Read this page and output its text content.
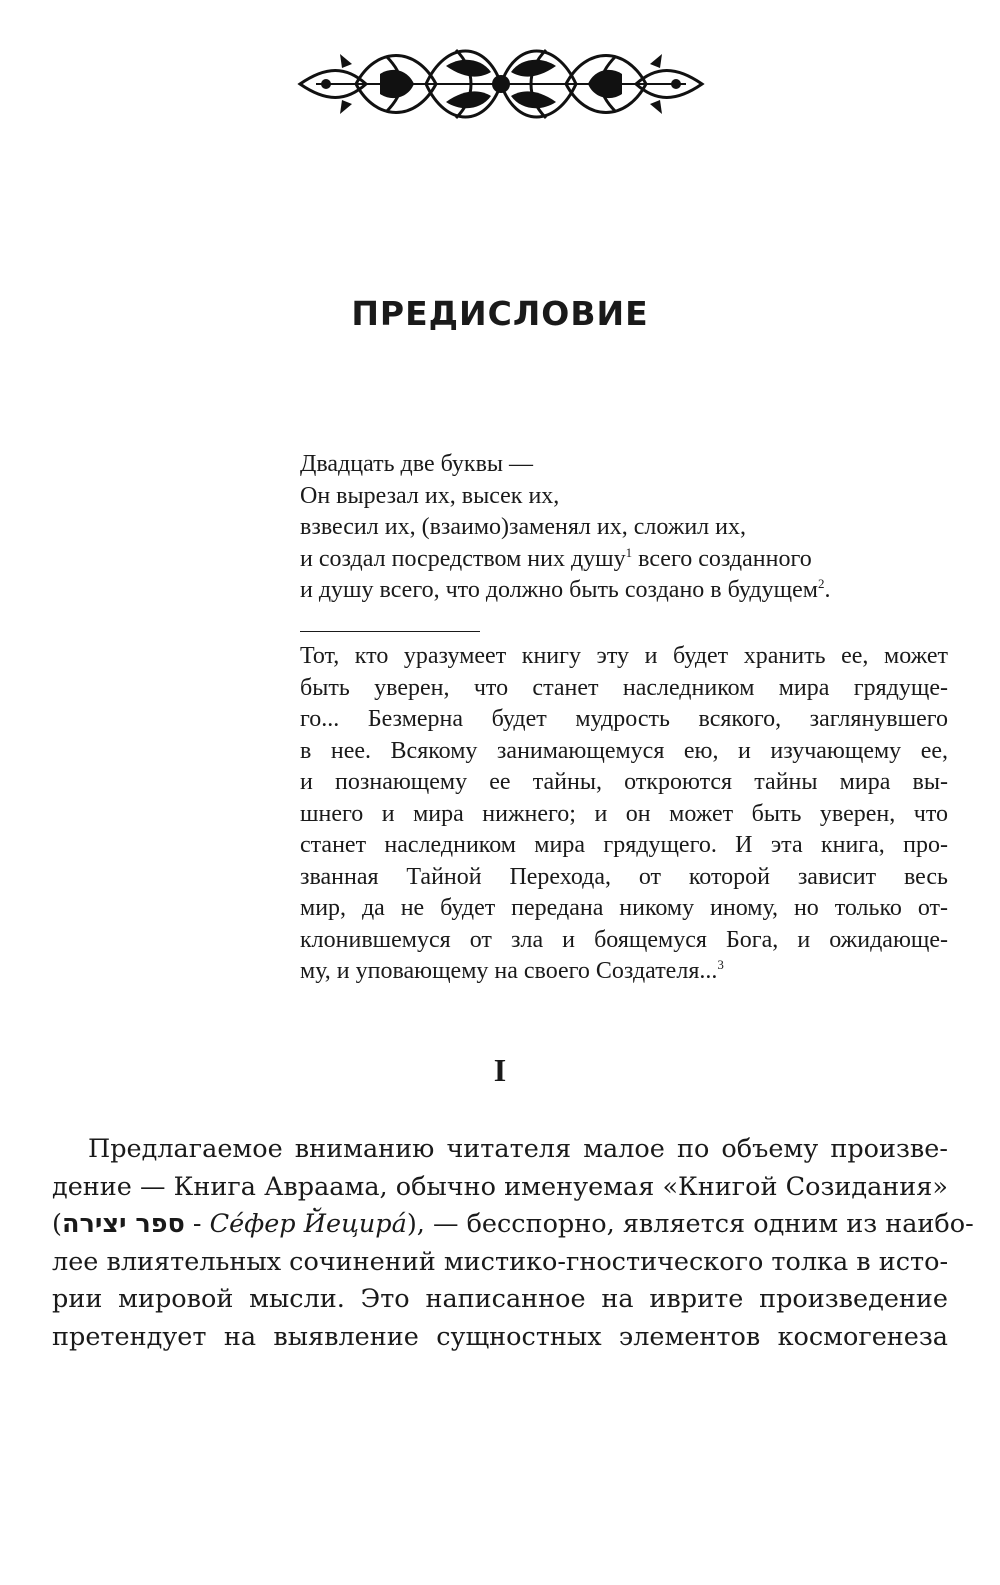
ПРЕДИСЛОВИЕ
Двадцать две буквы —
Он вырезал их, высек их,
взвесил их, (взаимо)заменял их, сложил их,
и создал посредством них душу$^1$ всего созданного
и душу всего, что должно быть создано в будущем$^2$.
Тот, кто уразумеет книгу эту и будет хранить ее, может
быть уверен, что станет наследником мира грядуще-
го... Безмерна будет мудрость всякого, заглянувшего
в нее. Всякому занимающемуся ею, и изучающему ее,
и познающему ее тайны, откроются тайны мира вы-
шнего и мира нижнего; и он может быть уверен, что
станет наследником мира грядущего. И эта книга, про-
званная Тайной Перехода, от которой зависит весь
мир, да не будет передана никому иному, но только от-
клонившемуся от зла и боящемуся Бога, и ожидающе-
му, и уповающему на своего Создателя...$^3$
I
Предлагаемое вниманию читателя малое по объему произве-
дение — Книга Авраама, обычно именуемая «Книгой Созидания»
(ספר יצירה - Се́фер Йецира́), — бесспорно, является одним из наибо-
лее влиятельных сочинений мистико-гностического толка в исто-
рии мировой мысли. Это написанное на иврите произведение
претендует на выявление сущностных элементов космогенеза
